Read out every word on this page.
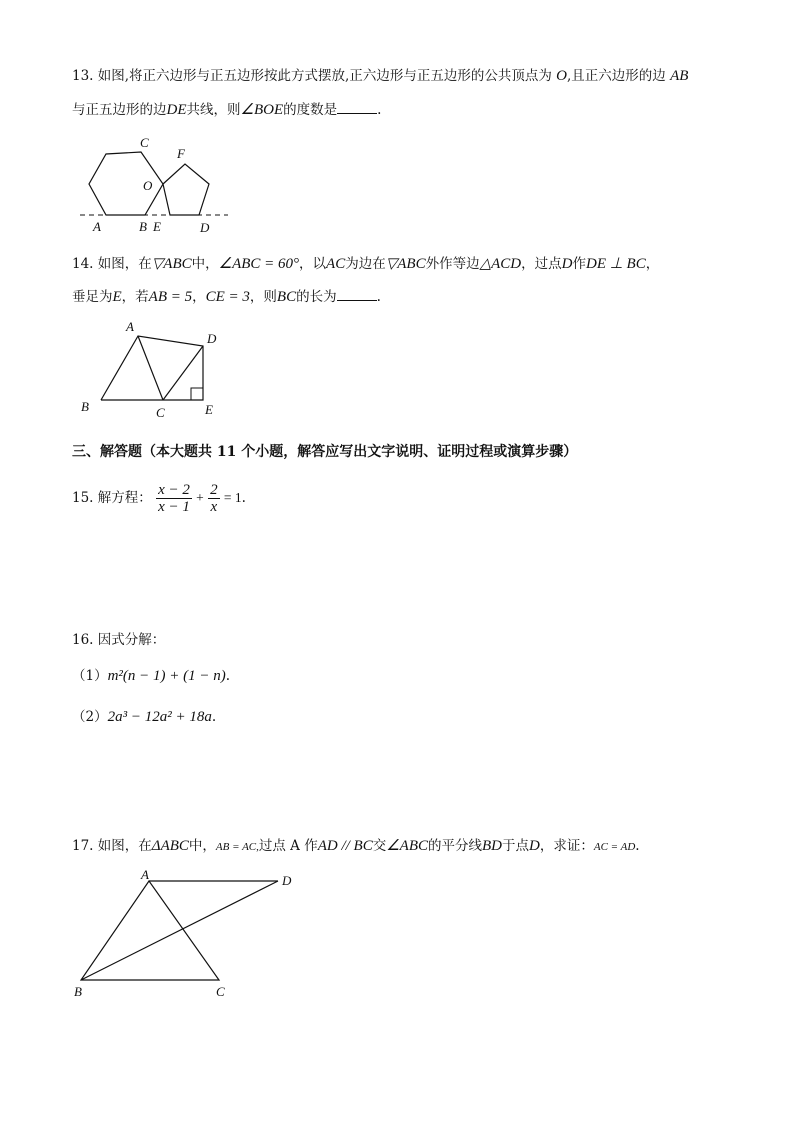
13. 如图,将正六边形与正五边形按此方式摆放,正六边形与正五边形的公共顶点为 O,且正六边形的边 AB
与正五边形的边DE共线，则∠BOE的度数是	.
A	B
C
O
E	D
F
14. 如图，在▽ABC中，∠ABC = 60°，以AC为边在▽ABC外作等边△ACD，过点D作DE ⊥ BC，
垂足为E，若AB = 5，CE = 3，则BC的长为	.
A
B	C
D
E
三、解答题（本大题共 11 个小题，解答应写出文字说明、证明过程或演算步骤）
15. 解方程： $\frac{x - 2}{x - 1} + \frac{2}{x} = 1$.
16. 因式分解：
（1）m²(n − 1) + (1 − n).
（2）2a³ − 12a² + 18a.
17. 如图，在ΔABC中，AB = AC,过点 A 作AD // BC交∠ABC的平分线BD于点D，求证：AC = AD.
A
B	C
D
